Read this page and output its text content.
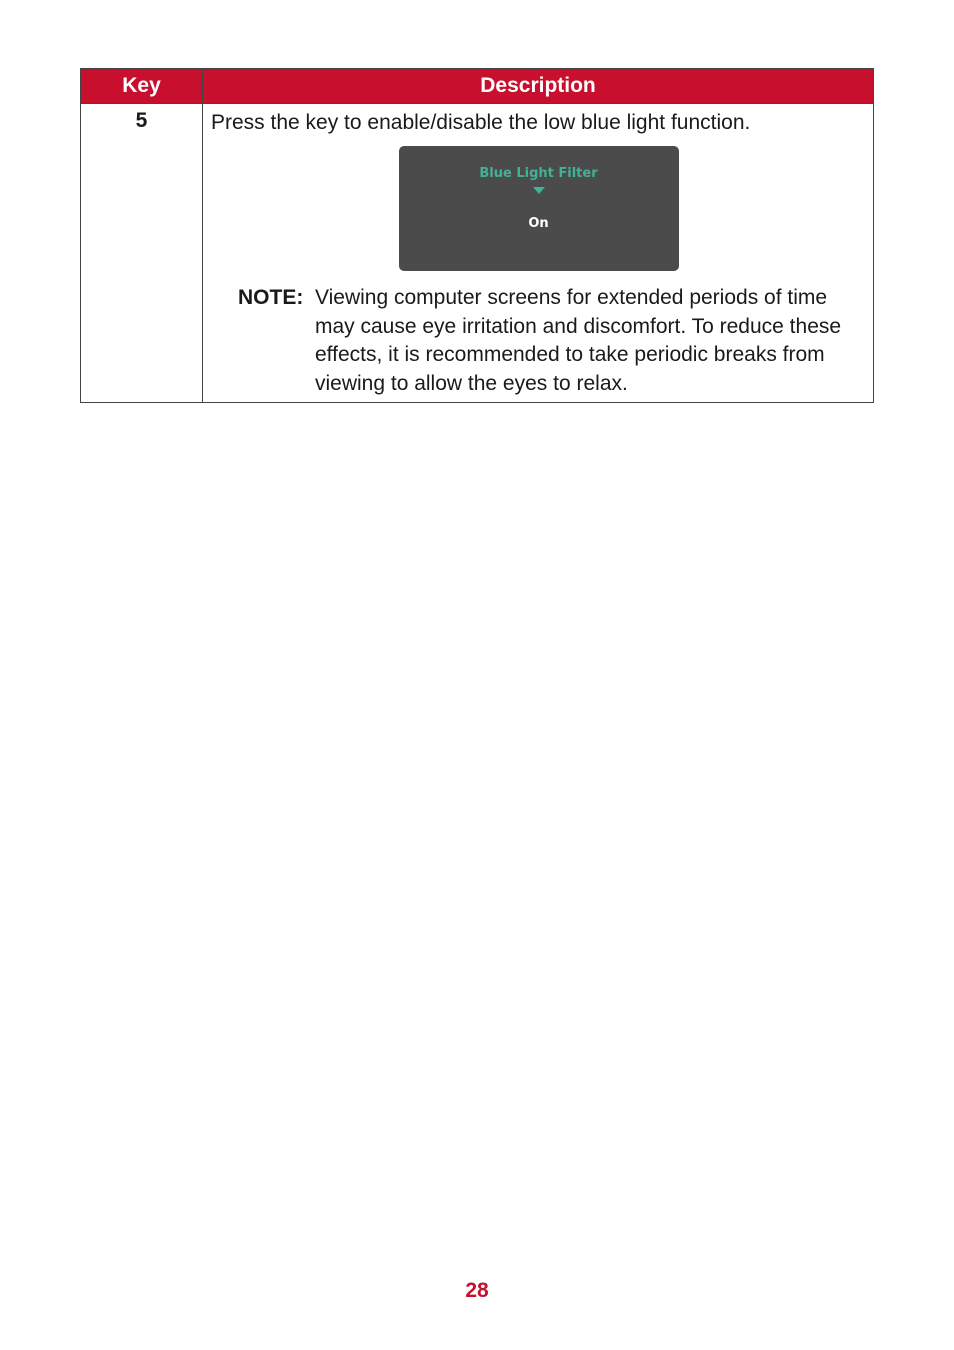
Key	Description
5	Press the key to enable/disable the low blue light function.
Blue Light Filter
On
NOTE: Viewing computer screens for extended periods of time may cause eye irritation and discomfort. To reduce these effects, it is recommended to take periodic breaks from viewing to allow the eyes to relax.
28
